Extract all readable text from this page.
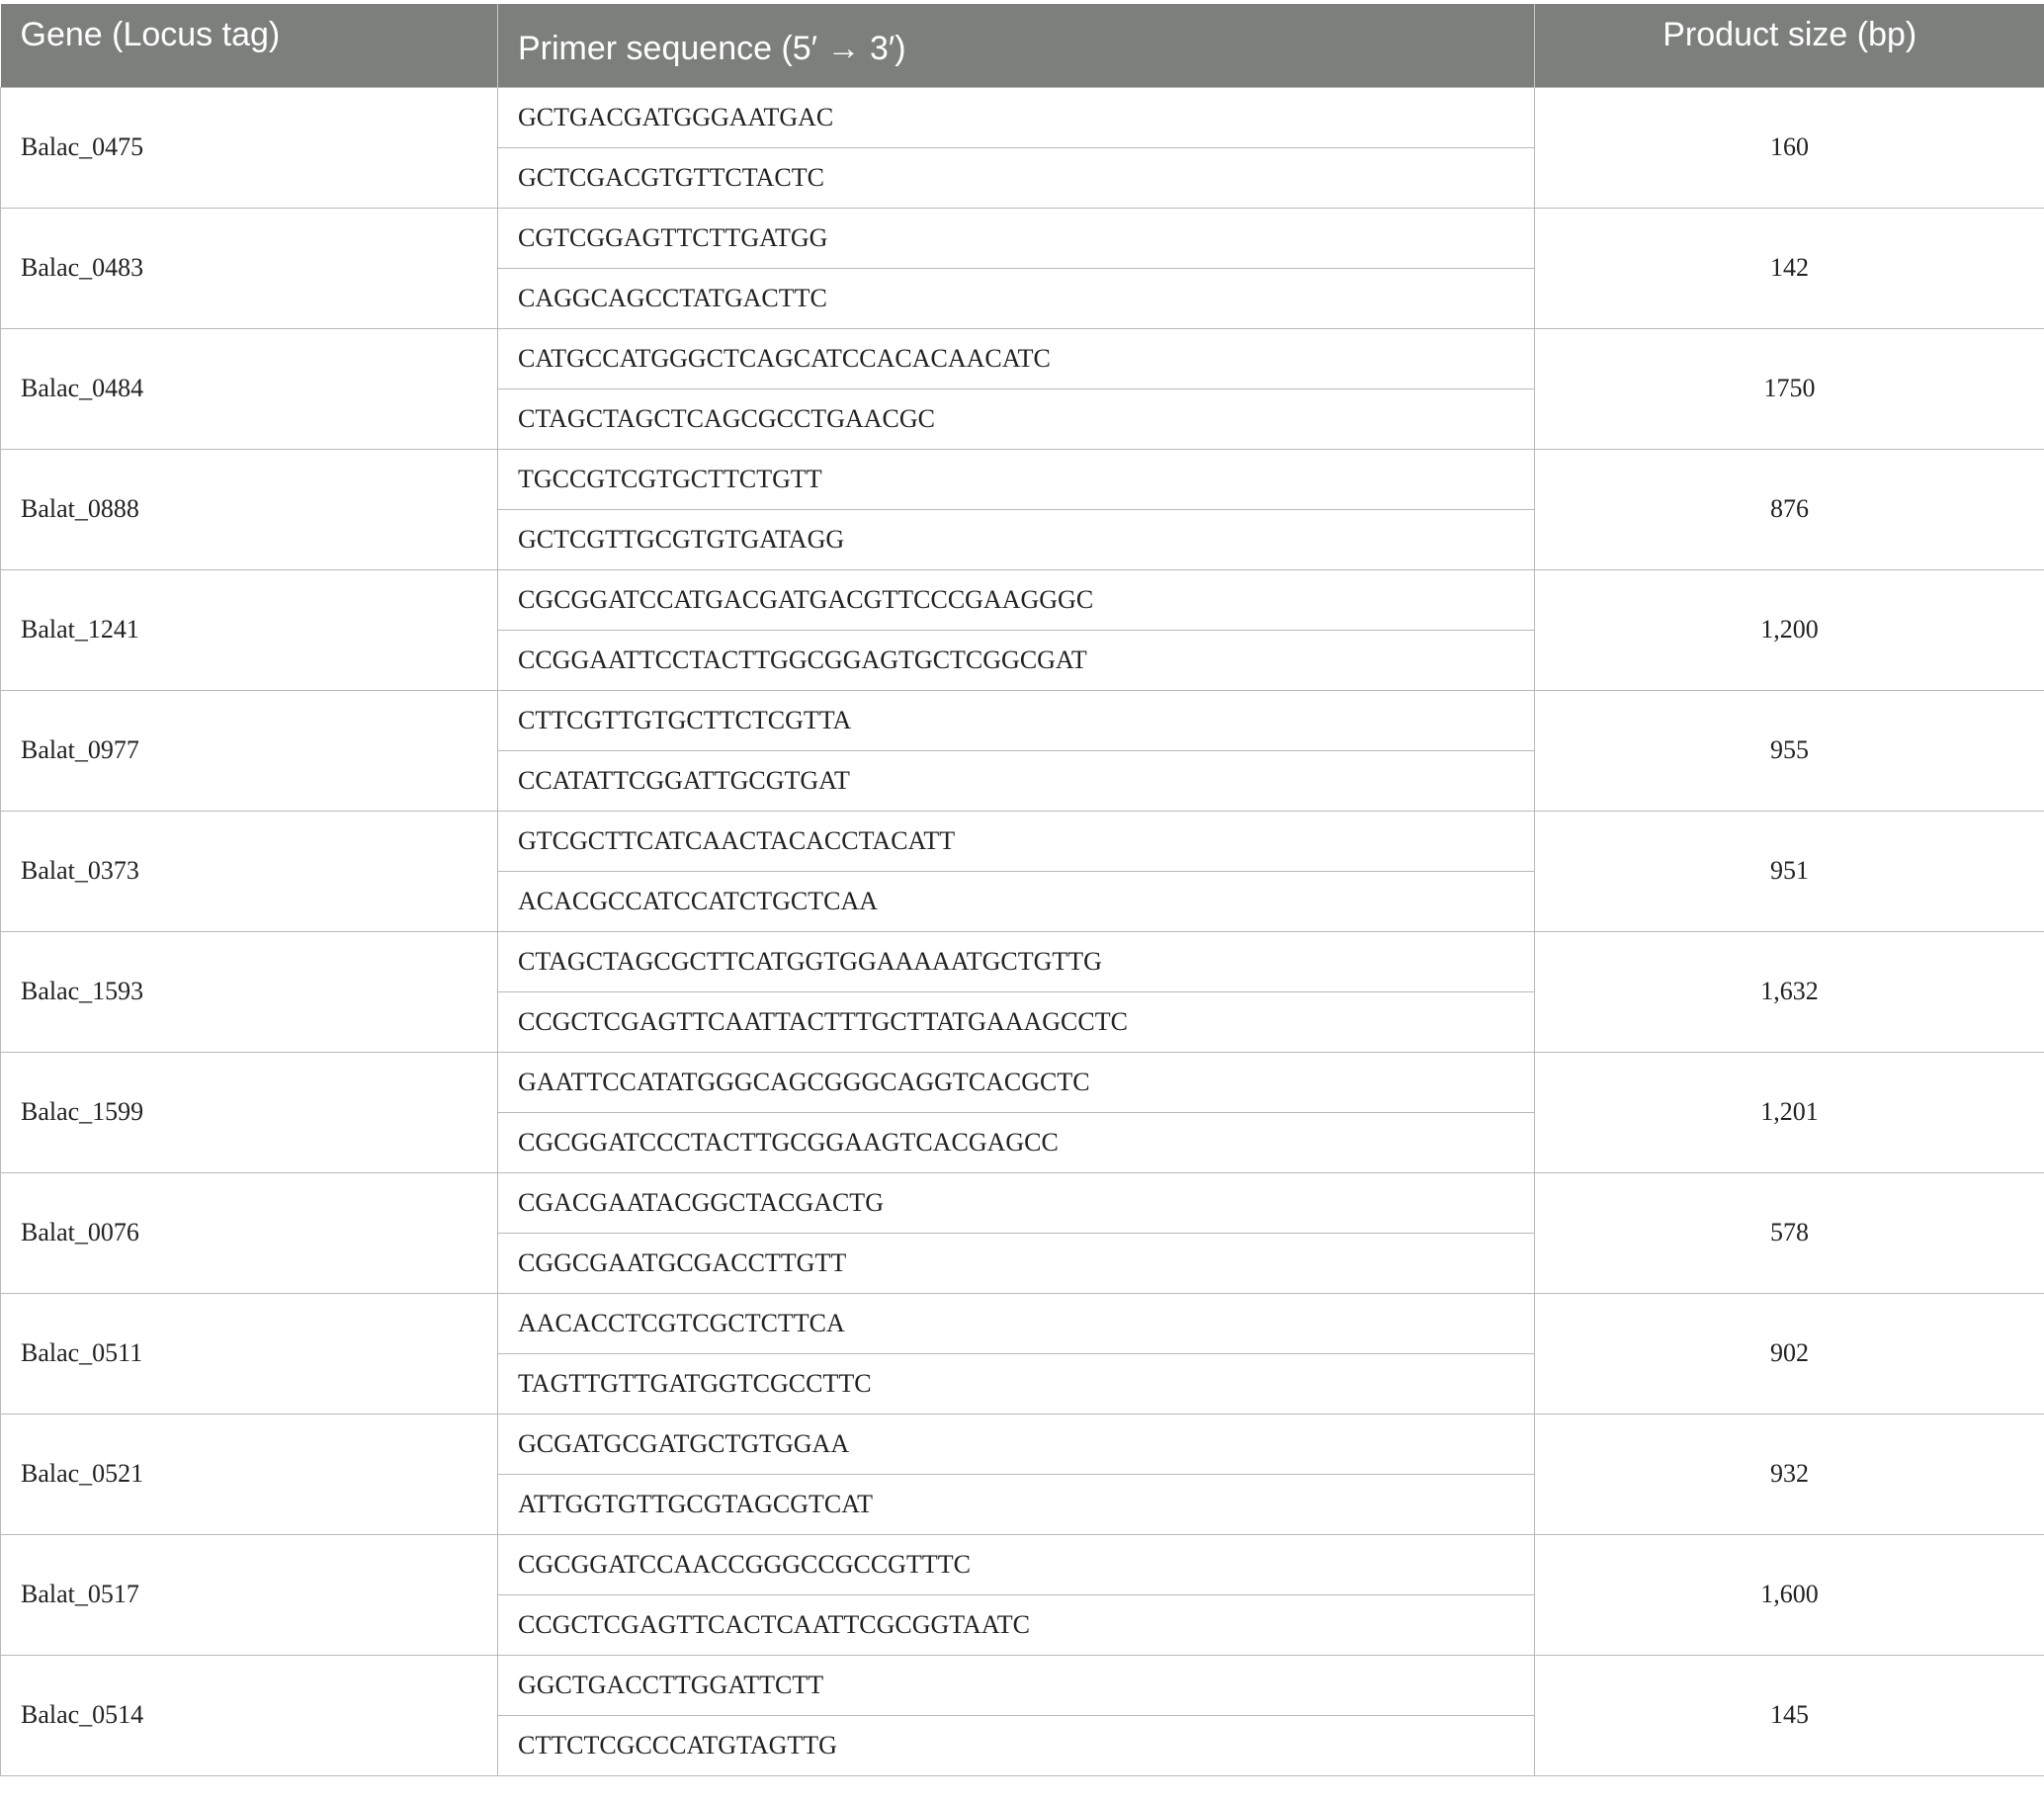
Gene (Locus tag)	Primer sequence (5′ → 3′)	Product size (bp)
Balac_0475	GCTGACGATGGGAATGAC	160
	GCTCGACGTGTTCTACTC	
Balac_0483	CGTCGGAGTTCTTGATGG	142
	CAGGCAGCCTATGACTTC	
Balac_0484	CATGCCATGGGCTCAGCATCCACACAACATC	1750
	CTAGCTAGCTCAGCGCCTGAACGC	
Balat_0888	TGCCGTCGTGCTTCTGTT	876
	GCTCGTTGCGTGTGATAGG	
Balat_1241	CGCGGATCCATGACGATGACGTTCCCGAAGGGC	1,200
	CCGGAATTCCTACTTGGCGGAGTGCTCGGCGAT	
Balat_0977	CTTCGTTGTGCTTCTCGTTA	955
	CCATATTCGGATTGCGTGAT	
Balat_0373	GTCGCTTCATCAACTACACCTACATT	951
	ACACGCCATCCATCTGCTCAA	
Balac_1593	CTAGCTAGCGCTTCATGGTGGAAAAATGCTGTTG	1,632
	CCGCTCGAGTTCAATTACTTTGCTTATGAAAGCCTC	
Balac_1599	GAATTCCATATGGGCAGCGGGCAGGTCACGCTC	1,201
	CGCGGATCCCTACTTGCGGAAGTCACGAGCC	
Balat_0076	CGACGAATACGGCTACGACTG	578
	CGGCGAATGCGACCTTGTT	
Balac_0511	AACACCTCGTCGCTCTTCA	902
	TAGTTGTTGATGGTCGCCTTC	
Balac_0521	GCGATGCGATGCTGTGGAA	932
	ATTGGTGTTGCGTAGCGTCAT	
Balat_0517	CGCGGATCCAACCGGGCCGCCGTTTC	1,600
	CCGCTCGAGTTCACTCAATTCGCGGTAATC	
Balac_0514	GGCTGACCTTGGATTCTT	145
	CTTCTCGCCCATGTAGTTG	
